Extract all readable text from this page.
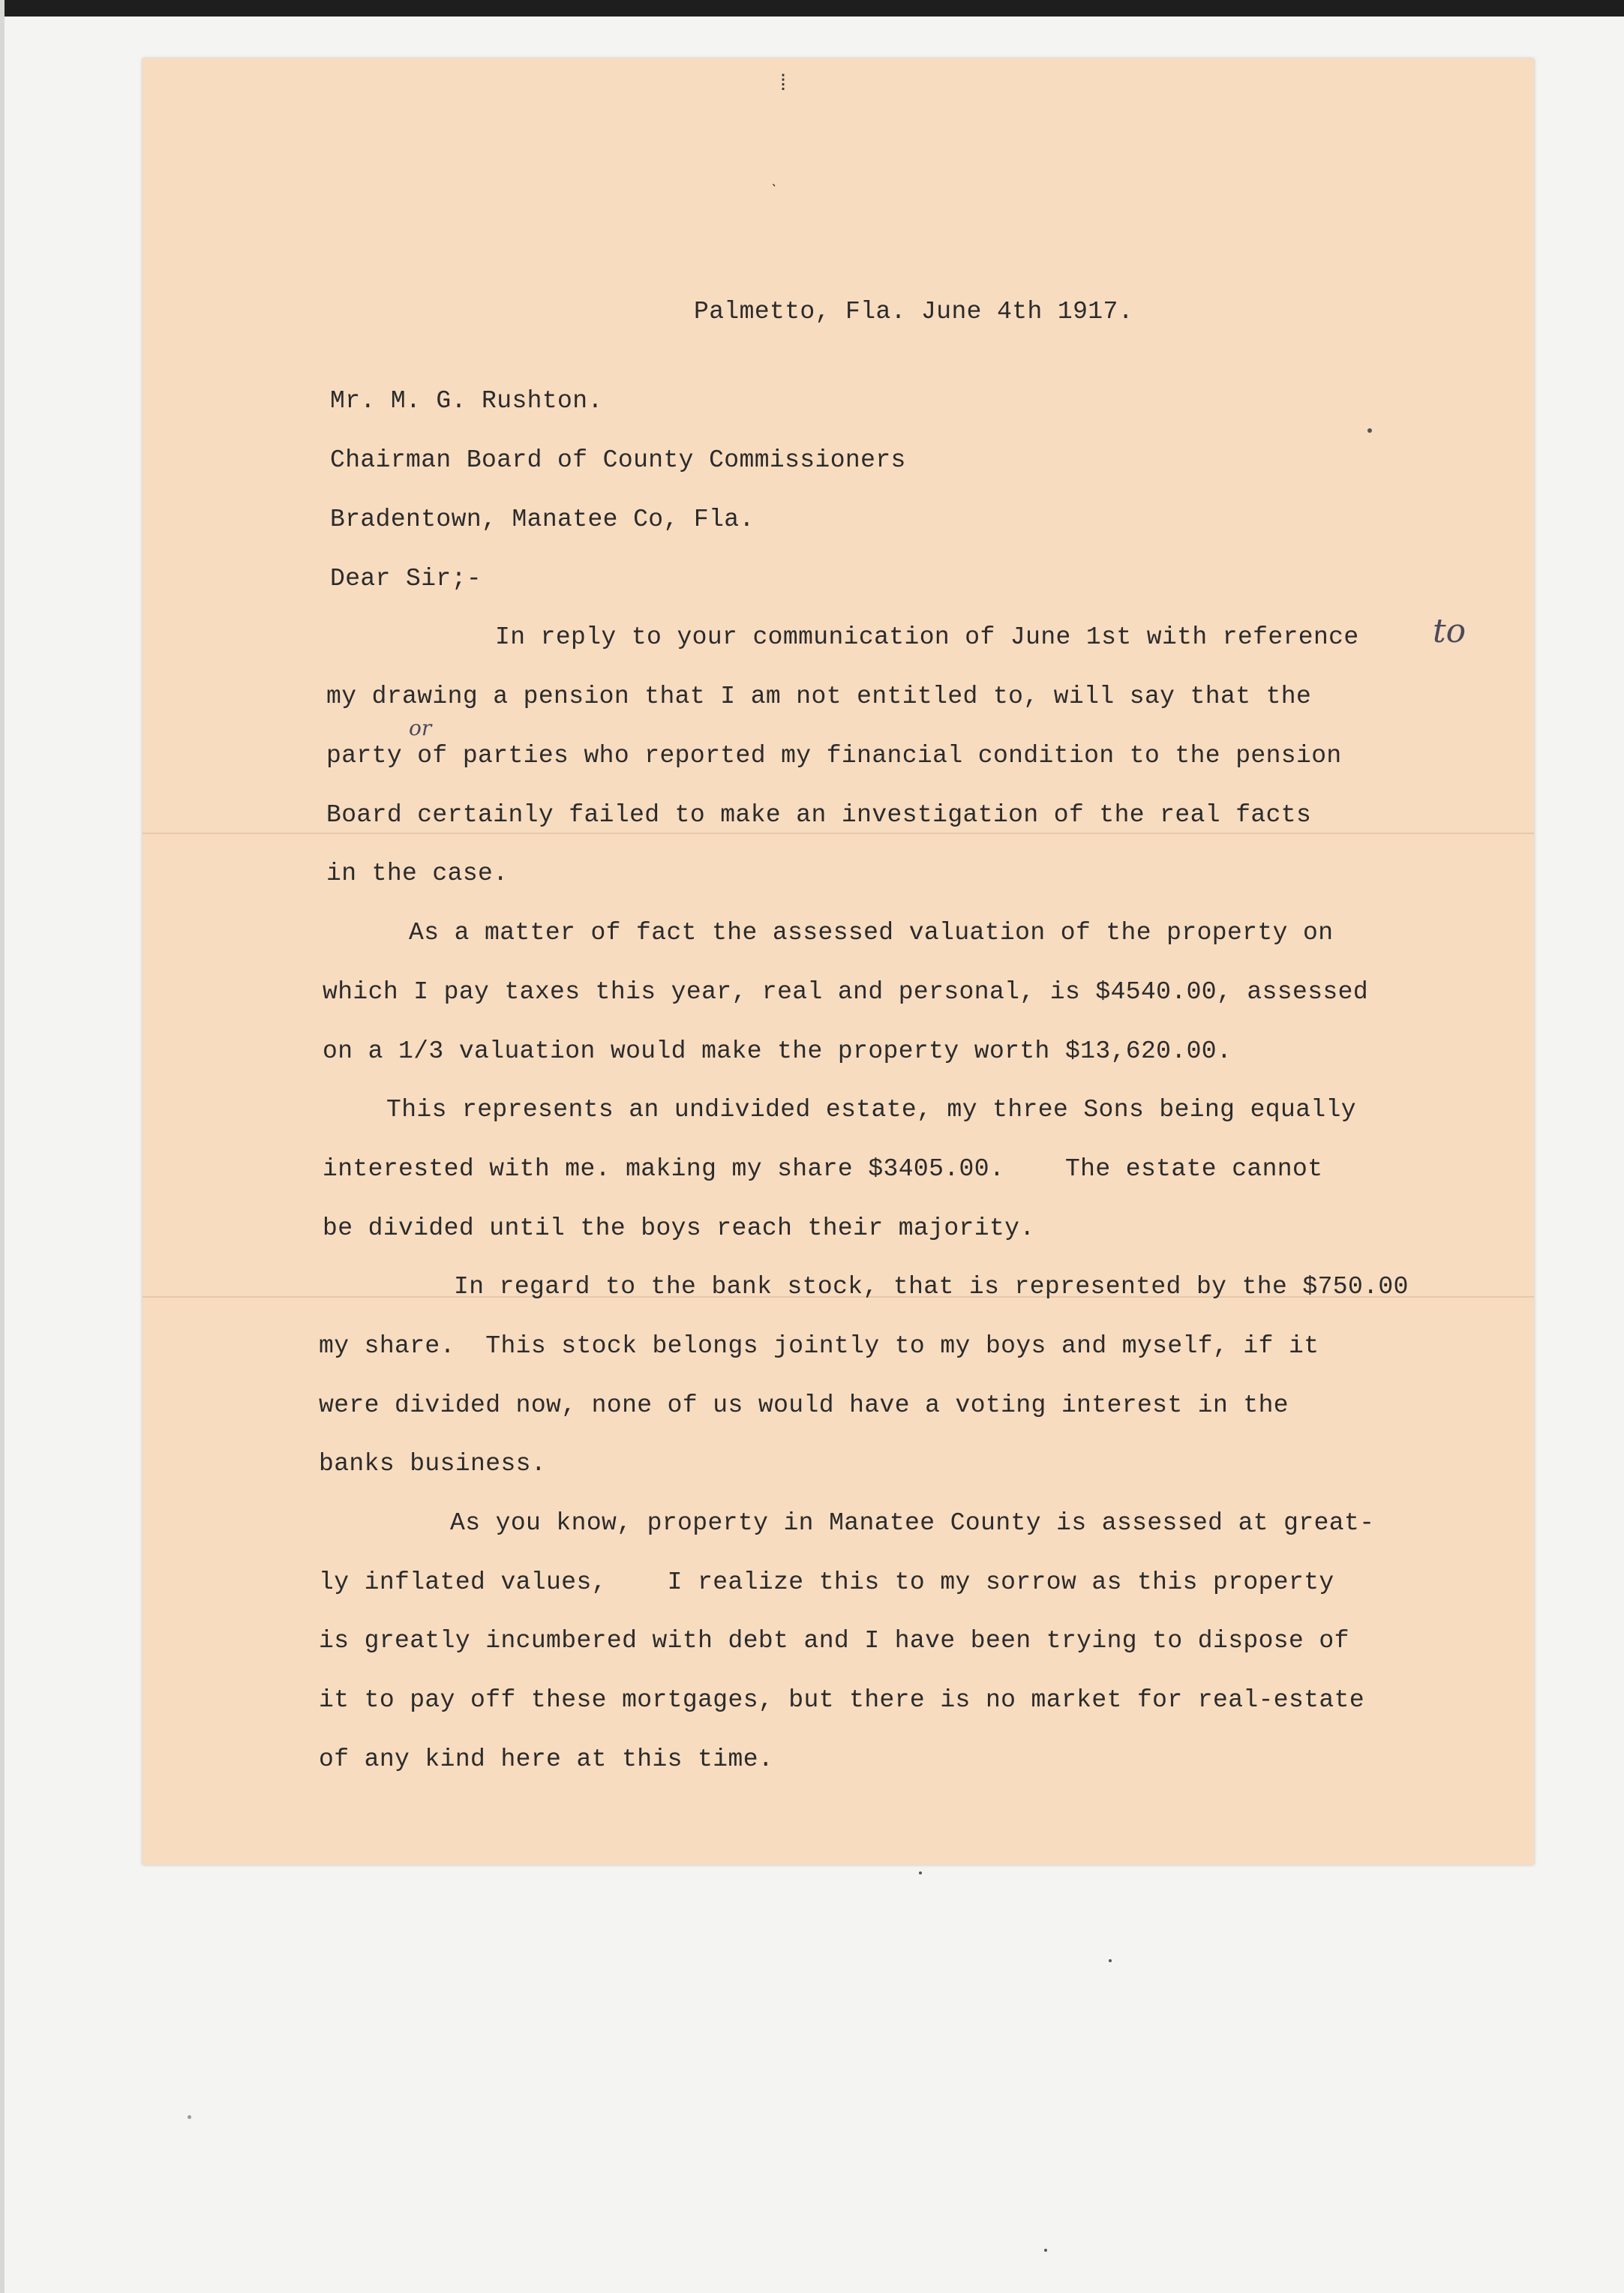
⁞
ˎ
Palmetto, Fla. June 4th 1917.
Mr. M. G. Rushton.
Chairman Board of County Commissioners
Bradentown, Manatee Co, Fla.
Dear Sir;-
In reply to your communication of June 1st with reference to
my drawing a pension that I am not entitled to, will say that the
party of parties who reported my financial condition to the pension
or
Board certainly failed to make an investigation of the real facts
in the case.
As a matter of fact the assessed valuation of the property on
which I pay taxes this year, real and personal, is $4540.00, assessed
on a 1/3 valuation would make the property worth $13,620.00.
This represents an undivided estate, my three Sons being equally
interested with me. making my share $3405.00.    The estate cannot
be divided until the boys reach their majority.
In regard to the bank stock, that is represented by the $750.00
my share.  This stock belongs jointly to my boys and myself, if it
were divided now, none of us would have a voting interest in the
banks business.
As you know, property in Manatee County is assessed at great-
ly inflated values,    I realize this to my sorrow as this property
is greatly incumbered with debt and I have been trying to dispose of
it to pay off these mortgages, but there is no market for real-estate
of any kind here at this time.
